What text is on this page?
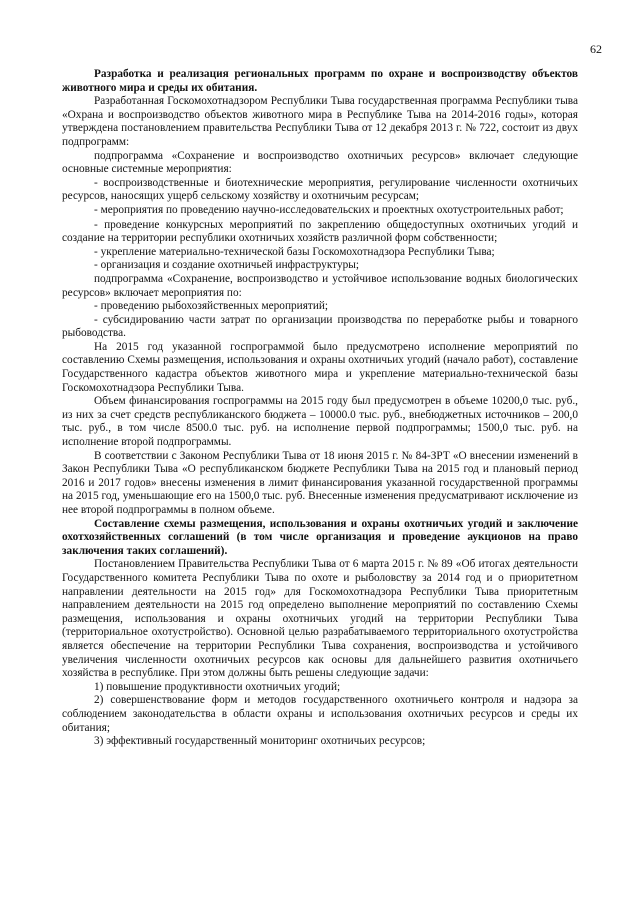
62

Разработка и реализация региональных программ по охране и воспроизводству объектов животного мира и среды их обитания.

Разработанная Госкомохотнадзором Республики Тыва государственная программа Республики тыва «Охрана и воспроизводство объектов животного мира в Республике Тыва на 2014-2016 годы», которая утверждена постановлением правительства Республики Тыва от 12 декабря 2013 г. № 722, состоит из двух подпрограмм:

подпрограмма «Сохранение и воспроизводство охотничьих ресурсов» включает следующие основные системные мероприятия:

- воспроизводственные и биотехнические мероприятия, регулирование численности охотничьих ресурсов, наносящих ущерб сельскому хозяйству и охотничьим ресурсам;

- мероприятия по проведению научно-исследовательских и проектных охотустроительных работ;

- проведение конкурсных мероприятий по закреплению общедоступных охотничьих угодий и создание на территории республики охотничьих хозяйств различной форм собственности;

- укрепление материально-технической базы Госкомохотнадзора Республики Тыва;

- организация и создание охотничьей инфраструктуры;

подпрограмма «Сохранение, воспроизводство и устойчивое использование водных биологических ресурсов» включает мероприятия по:

- проведению рыбохозяйственных мероприятий;

- субсидированию части затрат по организации производства по переработке рыбы и товарного рыбоводства.

На 2015 год указанной госпрограммой было предусмотрено исполнение мероприятий по составлению Схемы размещения, использования и охраны охотничьих угодий (начало работ), составление Государственного кадастра объектов животного мира и укрепление материально-технической базы Госкомохотнадзора Республики Тыва.

Объем финансирования госпрограммы на 2015 году был предусмотрен в объеме 10200,0 тыс. руб., из них за счет средств республиканского бюджета – 10000.0 тыс. руб., внебюджетных источников – 200,0 тыс. руб., в том числе 8500.0 тыс. руб. на исполнение первой подпрограммы; 1500,0 тыс. руб. на исполнение второй подпрограммы.

В соответствии с Законом Республики Тыва от 18 июня 2015 г. № 84-ЗРТ «О внесении изменений в Закон Республики Тыва «О республиканском бюджете Республики Тыва на 2015 год и плановый период 2016 и 2017 годов» внесены изменения в лимит финансирования указанной государственной программы на 2015 год, уменьшающие его на 1500,0 тыс. руб. Внесенные изменения предусматривают исключение из нее второй подпрограммы в полном объеме.

Составление схемы размещения, использования и охраны охотничьих угодий и заключение охотхозяйственных соглашений (в том числе организация и проведение аукционов на право заключения таких соглашений).

Постановлением Правительства Республики Тыва от 6 марта 2015 г. № 89 «Об итогах деятельности Государственного комитета Республики Тыва по охоте и рыболовству за 2014 год и о приоритетном направлении деятельности на 2015 год» для Госкомохотнадзора Республики Тыва приоритетным направлением деятельности на 2015 год определено выполнение мероприятий по составлению Схемы размещения, использования и охраны охотничьих угодий на территории Республики Тыва (территориальное охотустройство). Основной целью разрабатываемого территориального охотустройства является обеспечение на территории Республики Тыва сохранения, воспроизводства и устойчивого увеличения численности охотничьих ресурсов как основы для дальнейшего развития охотничьего хозяйства в республике. При этом должны быть решены следующие задачи:

1) повышение продуктивности охотничьих угодий;

2) совершенствование форм и методов государственного охотничьего контроля и надзора за соблюдением законодательства в области охраны и использования охотничьих ресурсов и среды их обитания;

3) эффективный государственный мониторинг охотничьих ресурсов;
